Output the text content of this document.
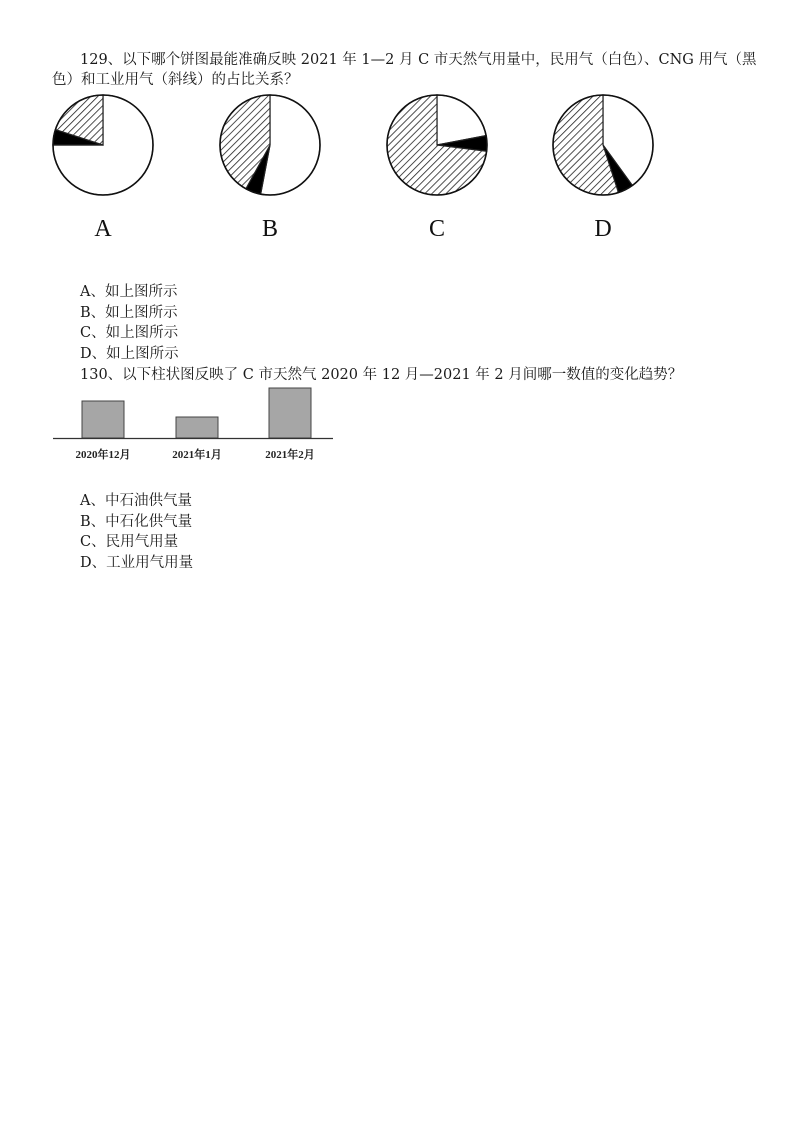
129、以下哪个饼图最能准确反映 2021 年 1—2 月 C 市天然气用量中，民用气（白色）、CNG 用气（黑色）和工业用气（斜线）的占比关系？
A	B	C	D
A、如上图所示
B、如上图所示
C、如上图所示
D、如上图所示
130、以下柱状图反映了 C 市天然气 2020 年 12 月—2021 年 2 月间哪一数值的变化趋势？
2020年12月	2021年1月	2021年2月
A、中石油供气量
B、中石化供气量
C、民用气用量
D、工业用气用量
